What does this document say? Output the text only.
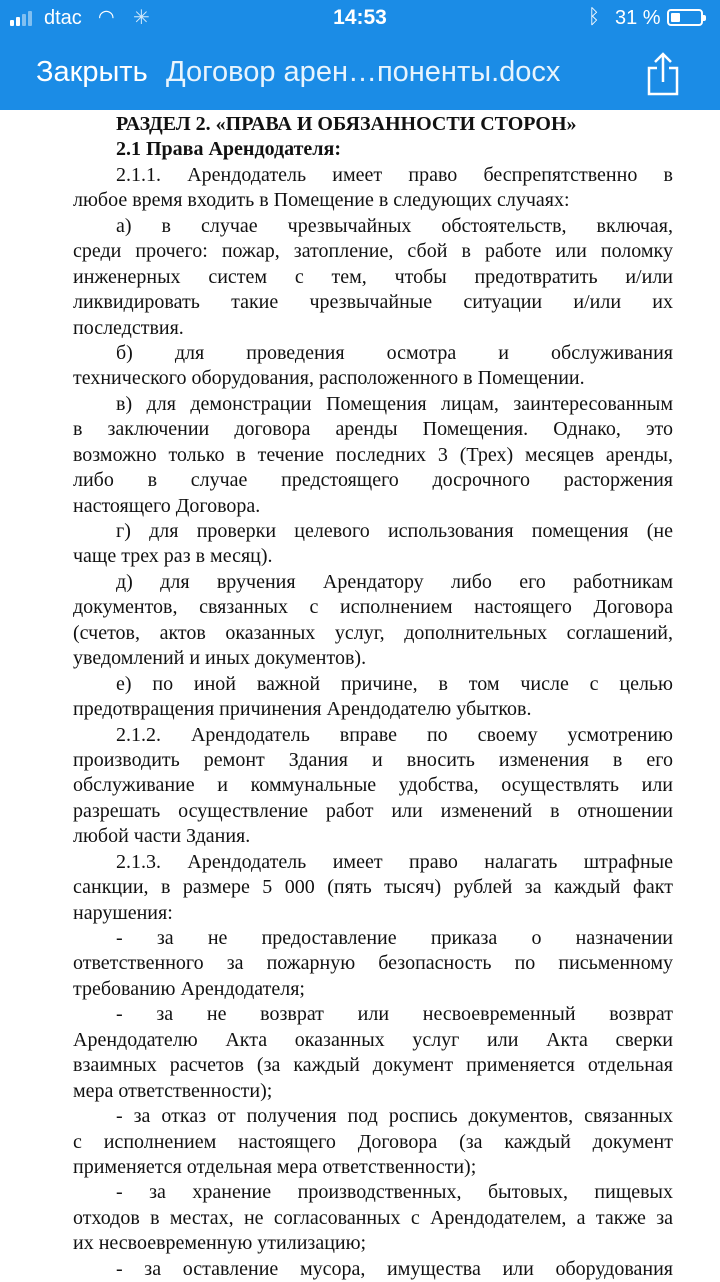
dtac ◠ ✳	14:53	ᛒ 31 %
Закрыть Договор арен…поненты.docx
РАЗДЕЛ 2. «ПРАВА И ОБЯЗАННОСТИ СТОРОН»
2.1 Права Арендодателя:
2.1.1. Арендодатель имеет право беспрепятственно в
любое время входить в Помещение в следующих случаях:
а) в случае чрезвычайных обстоятельств, включая,
среди прочего: пожар, затопление, сбой в работе или поломку
инженерных систем с тем, чтобы предотвратить и/или
ликвидировать такие чрезвычайные ситуации и/или их
последствия.
б) для проведения осмотра и обслуживания
технического оборудования, расположенного в Помещении.
в) для демонстрации Помещения лицам, заинтересованным
в заключении договора аренды Помещения. Однако, это
возможно только в течение последних 3 (Трех) месяцев аренды,
либо в случае предстоящего досрочного расторжения
настоящего Договора.
г) для проверки целевого использования помещения (не
чаще трех раз в месяц).
д) для вручения Арендатору либо его работникам
документов, связанных с исполнением настоящего Договора
(счетов, актов оказанных услуг, дополнительных соглашений,
уведомлений и иных документов).
е) по иной важной причине, в том числе с целью
предотвращения причинения Арендодателю убытков.
2.1.2. Арендодатель вправе по своему усмотрению
производить ремонт Здания и вносить изменения в его
обслуживание и коммунальные удобства, осуществлять или
разрешать осуществление работ или изменений в отношении
любой части Здания.
2.1.3. Арендодатель имеет право налагать штрафные
санкции, в размере 5 000 (пять тысяч) рублей за каждый факт
нарушения:
- за не предоставление приказа о назначении
ответственного за пожарную безопасность по письменному
требованию Арендодателя;
- за не возврат или несвоевременный возврат
Арендодателю Акта оказанных услуг или Акта сверки
взаимных расчетов (за каждый документ применяется отдельная
мера ответственности);
- за отказ от получения под роспись документов, связанных
с исполнением настоящего Договора (за каждый документ
применяется отдельная мера ответственности);
- за хранение производственных, бытовых, пищевых
отходов в местах, не согласованных с Арендодателем, а также за
их несвоевременную утилизацию;
- за оставление мусора, имущества или оборудования
